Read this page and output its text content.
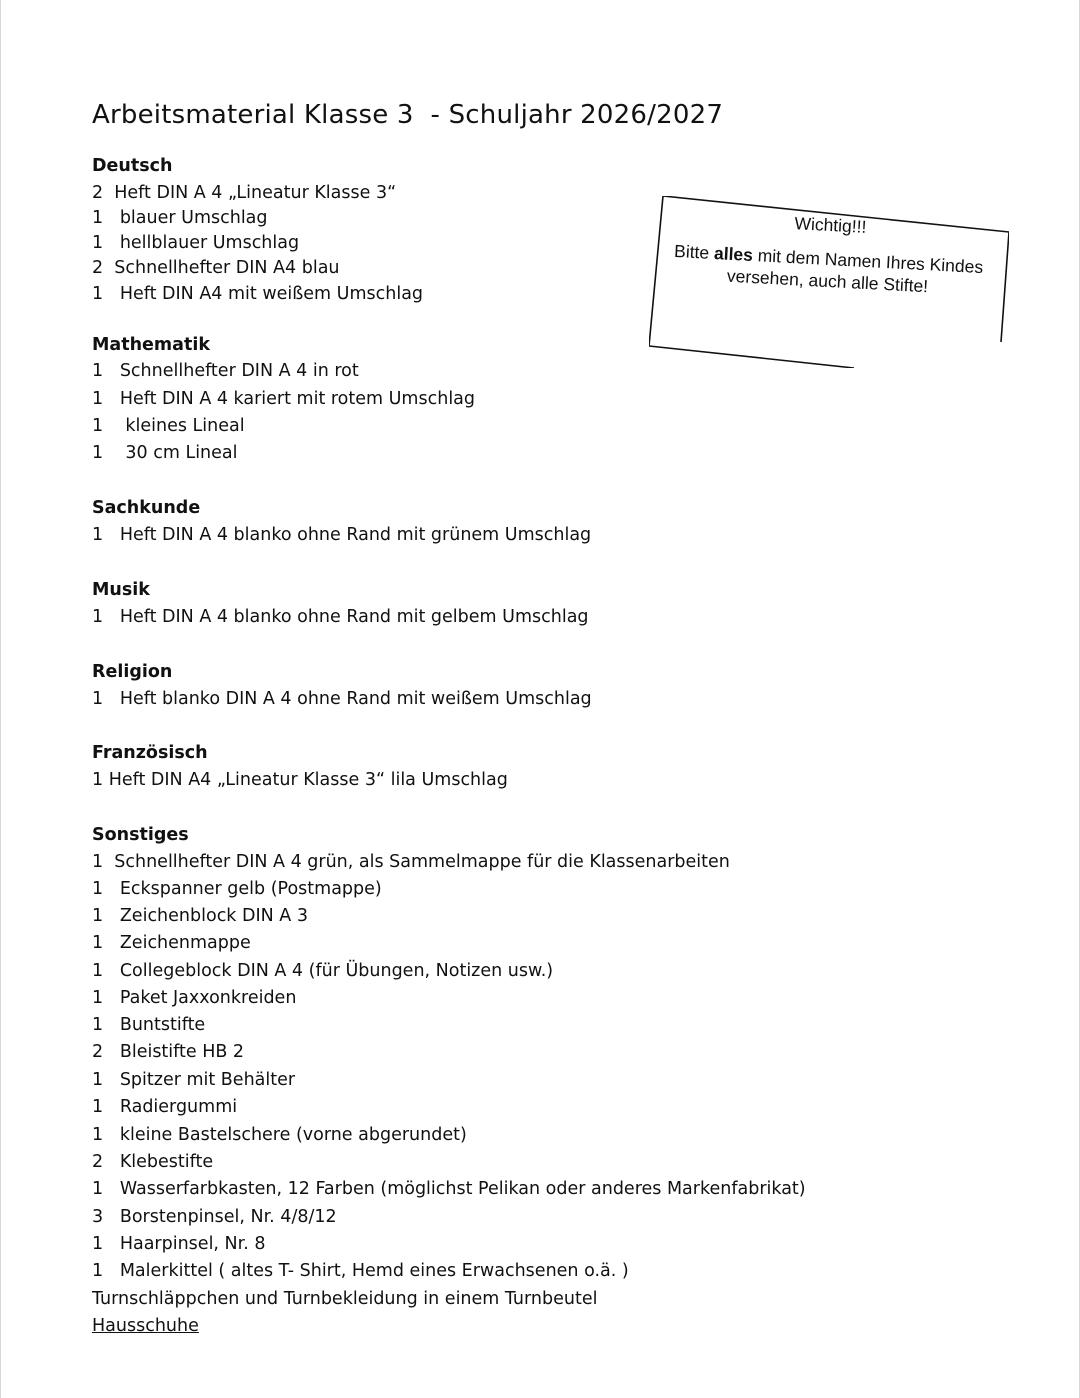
Arbeitsmaterial Klasse 3  - Schuljahr 2026/2027
Deutsch
2  Heft DIN A 4 „Lineatur Klasse 3“
1   blauer Umschlag
1   hellblauer Umschlag
2  Schnellhefter DIN A4 blau
1   Heft DIN A4 mit weißem Umschlag
Mathematik
1   Schnellhefter DIN A 4 in rot
1   Heft DIN A 4 kariert mit rotem Umschlag
1    kleines Lineal
1    30 cm Lineal
Sachkunde
1   Heft DIN A 4 blanko ohne Rand mit grünem Umschlag
Musik
1   Heft DIN A 4 blanko ohne Rand mit gelbem Umschlag
Religion
1   Heft blanko DIN A 4 ohne Rand mit weißem Umschlag
Französisch
1 Heft DIN A4 „Lineatur Klasse 3“ lila Umschlag
Sonstiges
1  Schnellhefter DIN A 4 grün, als Sammelmappe für die Klassenarbeiten
1   Eckspanner gelb (Postmappe)
1   Zeichenblock DIN A 3
1   Zeichenmappe
1   Collegeblock DIN A 4 (für Übungen, Notizen usw.)
1   Paket Jaxxonkreiden
1   Buntstifte
2   Bleistifte HB 2
1   Spitzer mit Behälter
1   Radiergummi
1   kleine Bastelschere (vorne abgerundet)
2   Klebestifte
1   Wasserfarbkasten, 12 Farben (möglichst Pelikan oder anderes Markenfabrikat)
3   Borstenpinsel, Nr. 4/8/12
1   Haarpinsel, Nr. 8
1   Malerkittel ( altes T- Shirt, Hemd eines Erwachsenen o.ä. )
Turnschläppchen und Turnbekleidung in einem Turnbeutel
Hausschuhe
Wichtig!!!
Bitte alles mit dem Namen Ihres Kindes versehen, auch alle Stifte!
